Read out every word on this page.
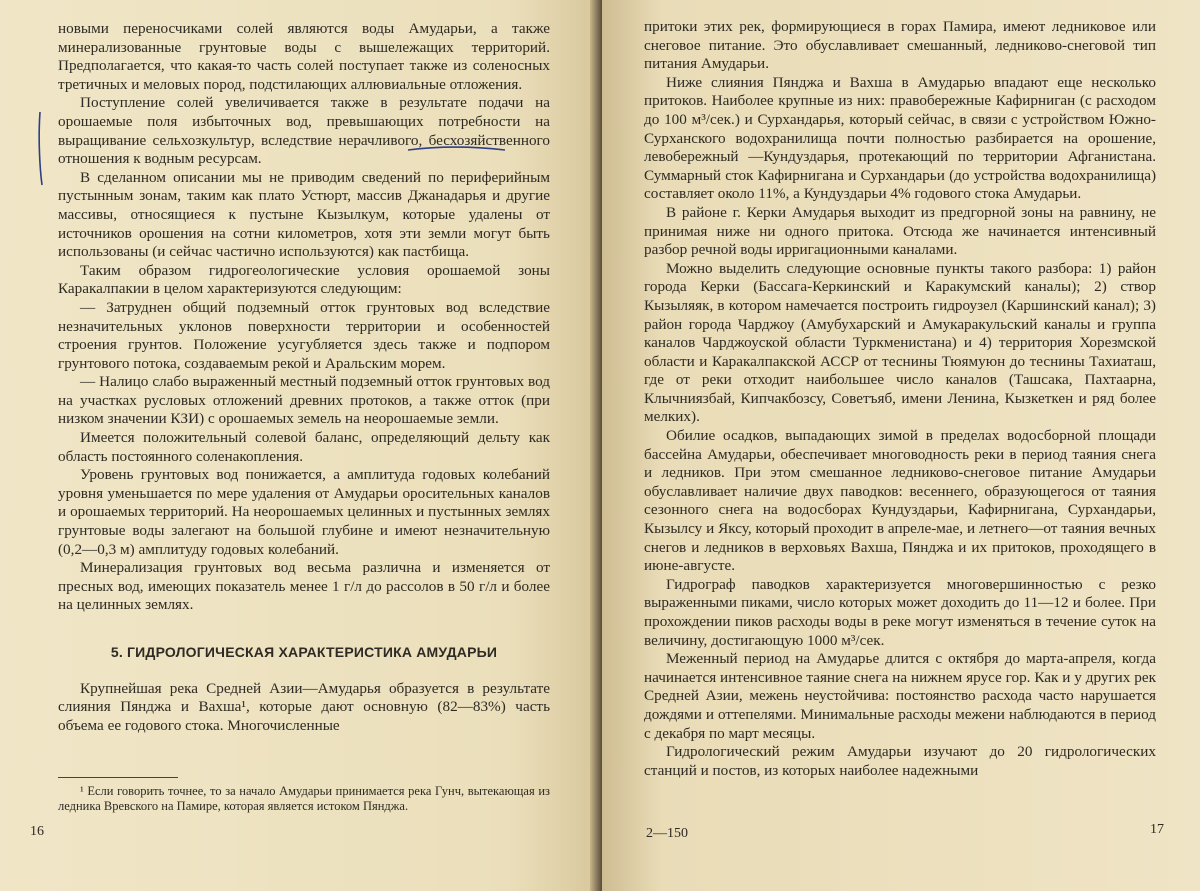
новыми переносчиками солей являются воды Амударьи, а также минерализованные грунтовые воды с вышележащих территорий. Предполагается, что какая-то часть солей поступает также из соленосных третичных и меловых пород, подстилающих аллювиальные отложения.

Поступление солей увеличивается также в результате подачи на орошаемые поля избыточных вод, превышающих потребности на выращивание сельхозкультур, вследствие нерачливого, бесхозяйственного отношения к водным ресурсам.

В сделанном описании мы не приводим сведений по периферийным пустынным зонам, таким как плато Устюрт, массив Джанадарья и другие массивы, относящиеся к пустыне Кызылкум, которые удалены от источников орошения на сотни километров, хотя эти земли могут быть использованы (и сейчас частично используются) как пастбища.

Таким образом гидрогеологические условия орошаемой зоны Каракалпакии в целом характеризуются следующим:

— Затруднен общий подземный отток грунтовых вод вследствие незначительных уклонов поверхности территории и особенностей строения грунтов. Положение усугубляется здесь также и подпором грунтового потока, создаваемым рекой и Аральским морем.

— Налицо слабо выраженный местный подземный отток грунтовых вод на участках русловых отложений древних протоков, а также отток (при низком значении КЗИ) с орошаемых земель на неорошаемые земли.

Имеется положительный солевой баланс, определяющий дельту как область постоянного соленакопления.

Уровень грунтовых вод понижается, а амплитуда годовых колебаний уровня уменьшается по мере удаления от Амударьи оросительных каналов и орошаемых территорий. На неорошаемых целинных и пустынных землях грунтовые воды залегают на большой глубине и имеют незначительную (0,2—0,3 м) амплитуду годовых колебаний.

Минерализация грунтовых вод весьма различна и изменяется от пресных вод, имеющих показатель менее 1 г/л до рассолов в 50 г/л и более на целинных землях.

5. ГИДРОЛОГИЧЕСКАЯ ХАРАКТЕРИСТИКА АМУДАРЬИ

Крупнейшая река Средней Азии—Амударья образуется в результате слияния Пянджа и Вахша¹, которые дают основную (82—83%) часть объема ее годового стока. Многочисленные

¹ Если говорить точнее, то за начало Амударьи принимается река Гунч, вытекающая из ледника Вревского на Памире, которая является истоком Пянджа.

16

притоки этих рек, формирующиеся в горах Памира, имеют ледниковое или снеговое питание. Это обуславливает смешанный, ледниково-снеговой тип питания Амударьи.

Ниже слияния Пянджа и Вахша в Амударью впадают еще несколько притоков. Наиболее крупные из них: правобережные Кафирниган (с расходом до 100 м³/сек.) и Сурхандарья, который сейчас, в связи с устройством Южно-Сурханского водохранилища почти полностью разбирается на орошение, левобережный —Кундуздарья, протекающий по территории Афганистана. Суммарный сток Кафирнигана и Сурхандарьи (до устройства водохранилища) составляет около 11%, а Кундуздарьи 4% годового стока Амударьи.

В районе г. Керки Амударья выходит из предгорной зоны на равнину, не принимая ниже ни одного притока. Отсюда же начинается интенсивный разбор речной воды ирригационными каналами.

Можно выделить следующие основные пункты такого разбора: 1) район города Керки (Бассага-Керкинский и Каракумский каналы); 2) створ Кызыляяк, в котором намечается построить гидроузел (Каршинский канал); 3) район города Чарджоу (Амубухарский и Амукаракульский каналы и группа каналов Чарджоуской области Туркменистана) и 4) территория Хорезмской области и Каракалпакской АССР от теснины Тюямуюн до теснины Тахиаташ, где от реки отходит наибольшее число каналов (Ташсака, Пахтаарна, Клычниязбай, Кипчакбозсу, Советъяб, имени Ленина, Кызкеткен и ряд более мелких).

Обилие осадков, выпадающих зимой в пределах водосборной площади бассейна Амударьи, обеспечивает многоводность реки в период таяния снега и ледников. При этом смешанное ледниково-снеговое питание Амударьи обуславливает наличие двух паводков: весеннего, образующегося от таяния сезонного снега на водосборах Кундуздарьи, Кафирнигана, Сурхандарьи, Кызылсу и Яксу, который проходит в апреле-мае, и летнего—от таяния вечных снегов и ледников в верховьях Вахша, Пянджа и их притоков, проходящего в июне-августе.

Гидрограф паводков характеризуется многовершинностью с резко выраженными пиками, число которых может доходить до 11—12 и более. При прохождении пиков расходы воды в реке могут изменяться в течение суток на величину, достигающую 1000 м³/сек.

Меженный период на Амударье длится с октября до марта-апреля, когда начинается интенсивное таяние снега на нижнем ярусе гор. Как и у других рек Средней Азии, межень неустойчива: постоянство расхода часто нарушается дождями и оттепелями. Минимальные расходы межени наблюдаются в период с декабря по март месяцы.

Гидрологический режим Амударьи изучают до 20 гидрологических станций и постов, из которых наиболее надежными

2—150	17
